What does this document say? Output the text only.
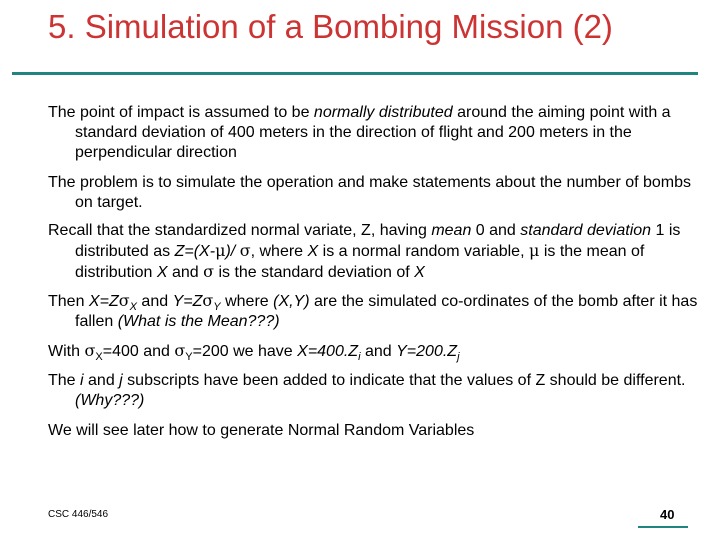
5. Simulation of a Bombing Mission (2)

The point of impact is assumed to be normally distributed around the aiming point with a standard deviation of 400 meters in the direction of flight and 200 meters in the perpendicular direction

The problem is to simulate the operation and make statements about the number of bombs on target.

Recall that the standardized normal variate, Z, having mean 0 and standard deviation 1 is distributed as Z=(X-μ)/ σ, where X is a normal random variable, μ is the mean of distribution X and σ is the standard deviation of X

Then $X=Z\sigma_X$ and $Y=Z\sigma_Y$ where (X,Y) are the simulated co-ordinates of the bomb after it has fallen (What is the Mean???)

With $\sigma_X=400$ and $\sigma_Y=200$ we have $X=400.Z_i$ and $Y=200.Z_j$

The i and j subscripts have been added to indicate that the values of Z should be different. (Why???)

We will see later how to generate Normal Random Variables

CSC 446/546	40
